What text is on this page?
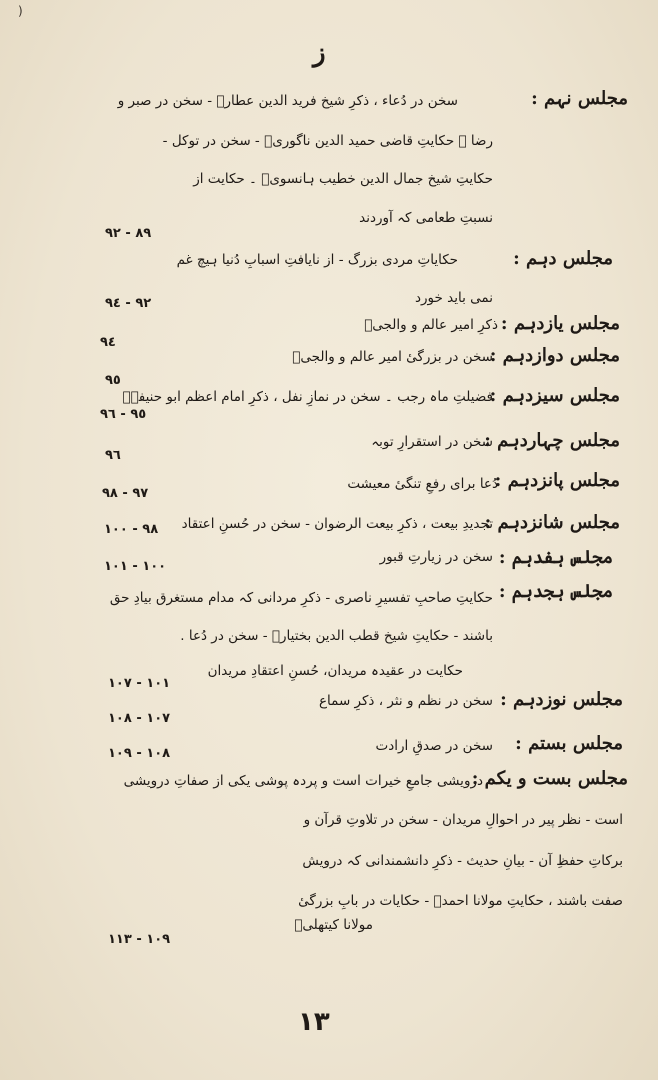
)
ز
مجلس نہم :
سخن در دُعاء ، ذکرِ شیخ فرید الدین عطارؒ - سخن در صبر و
رضا ۔ حکایتِ قاضی حمید الدین ناگوریؒ - سخن در توکل -
حکایتِ شیخ جمال الدین خطیب ہانسویؒ ۔ حکایت از
نسبتِ طعامی کہ آوردند
٨٩ - ٩٢
مجلس دہم :
حکایاتِ مردی بزرگ - از نایافتِ اسبابِ دُنیا ہیچ غم
نمی باید خورد
٩٢ - ٩٤
مجلس یازدہم :
ذکرِ امیر عالم و والجیؒ
٩٤
مجلس دوازدہم :
سخن در بزرگیٔ امیر عالم و والجیؒ
٩٥
مجلس سیزدہم :
فضیلتِ ماہ رجب ۔ سخن در نمازِ نفل ، ذکرِ امام اعظم ابو حنیفہؒ
٩٥ - ٩٦
مجلس چہاردہم :
سخن در استقرارِ توبہ
٩٦
مجلس پانزدہم :
دُعا برای رفعِ تنگیٔ معیشت
٩٧ - ٩٨
مجلس شانزدہم :
تجدیدِ بیعت ، ذکرِ بیعت الرضوان - سخن در حُسنِ اعتقاد
٩٨ - ١٠٠
مجلس ہفدہم :
سخن در زیارتِ قبور
١٠٠ - ١٠١
مجلس ہجدہم :
حکایتِ صاحبِ تفسیرِ ناصری - ذکرِ مردانی کہ مدام مستغرق بیادِ حق
باشند - حکایتِ شیخ قطب الدین بختیارؒ - سخن در دُعا .
حکایت در عقیدہ مریدان، حُسنِ اعتقادِ مریدان
١٠١ - ١٠٧
مجلس نوزدہم :
سخن در نظم و نثر ، ذکرِ سماع
١٠٧ - ١٠٨
مجلس بستم :
سخن در صدقِ ارادت
١٠٨ - ١٠٩
مجلس بست و یکم :
درویشی جامعِ خیرات است و پردہ پوشی یکی از صفاتِ درویشی
است - نظر پیر در احوالِ مریدان - سخن در تلاوتِ قرآن و
برکاتِ حفظِ آن - بیانِ حدیث - ذکرِ دانشمندانی کہ درویش
صفت باشند ، حکایتِ مولانا احمدؒ - حکایات در بابِ بزرگیٔ
مولانا کیتھلیؒ
١٠٩ - ١١٣
١٣
